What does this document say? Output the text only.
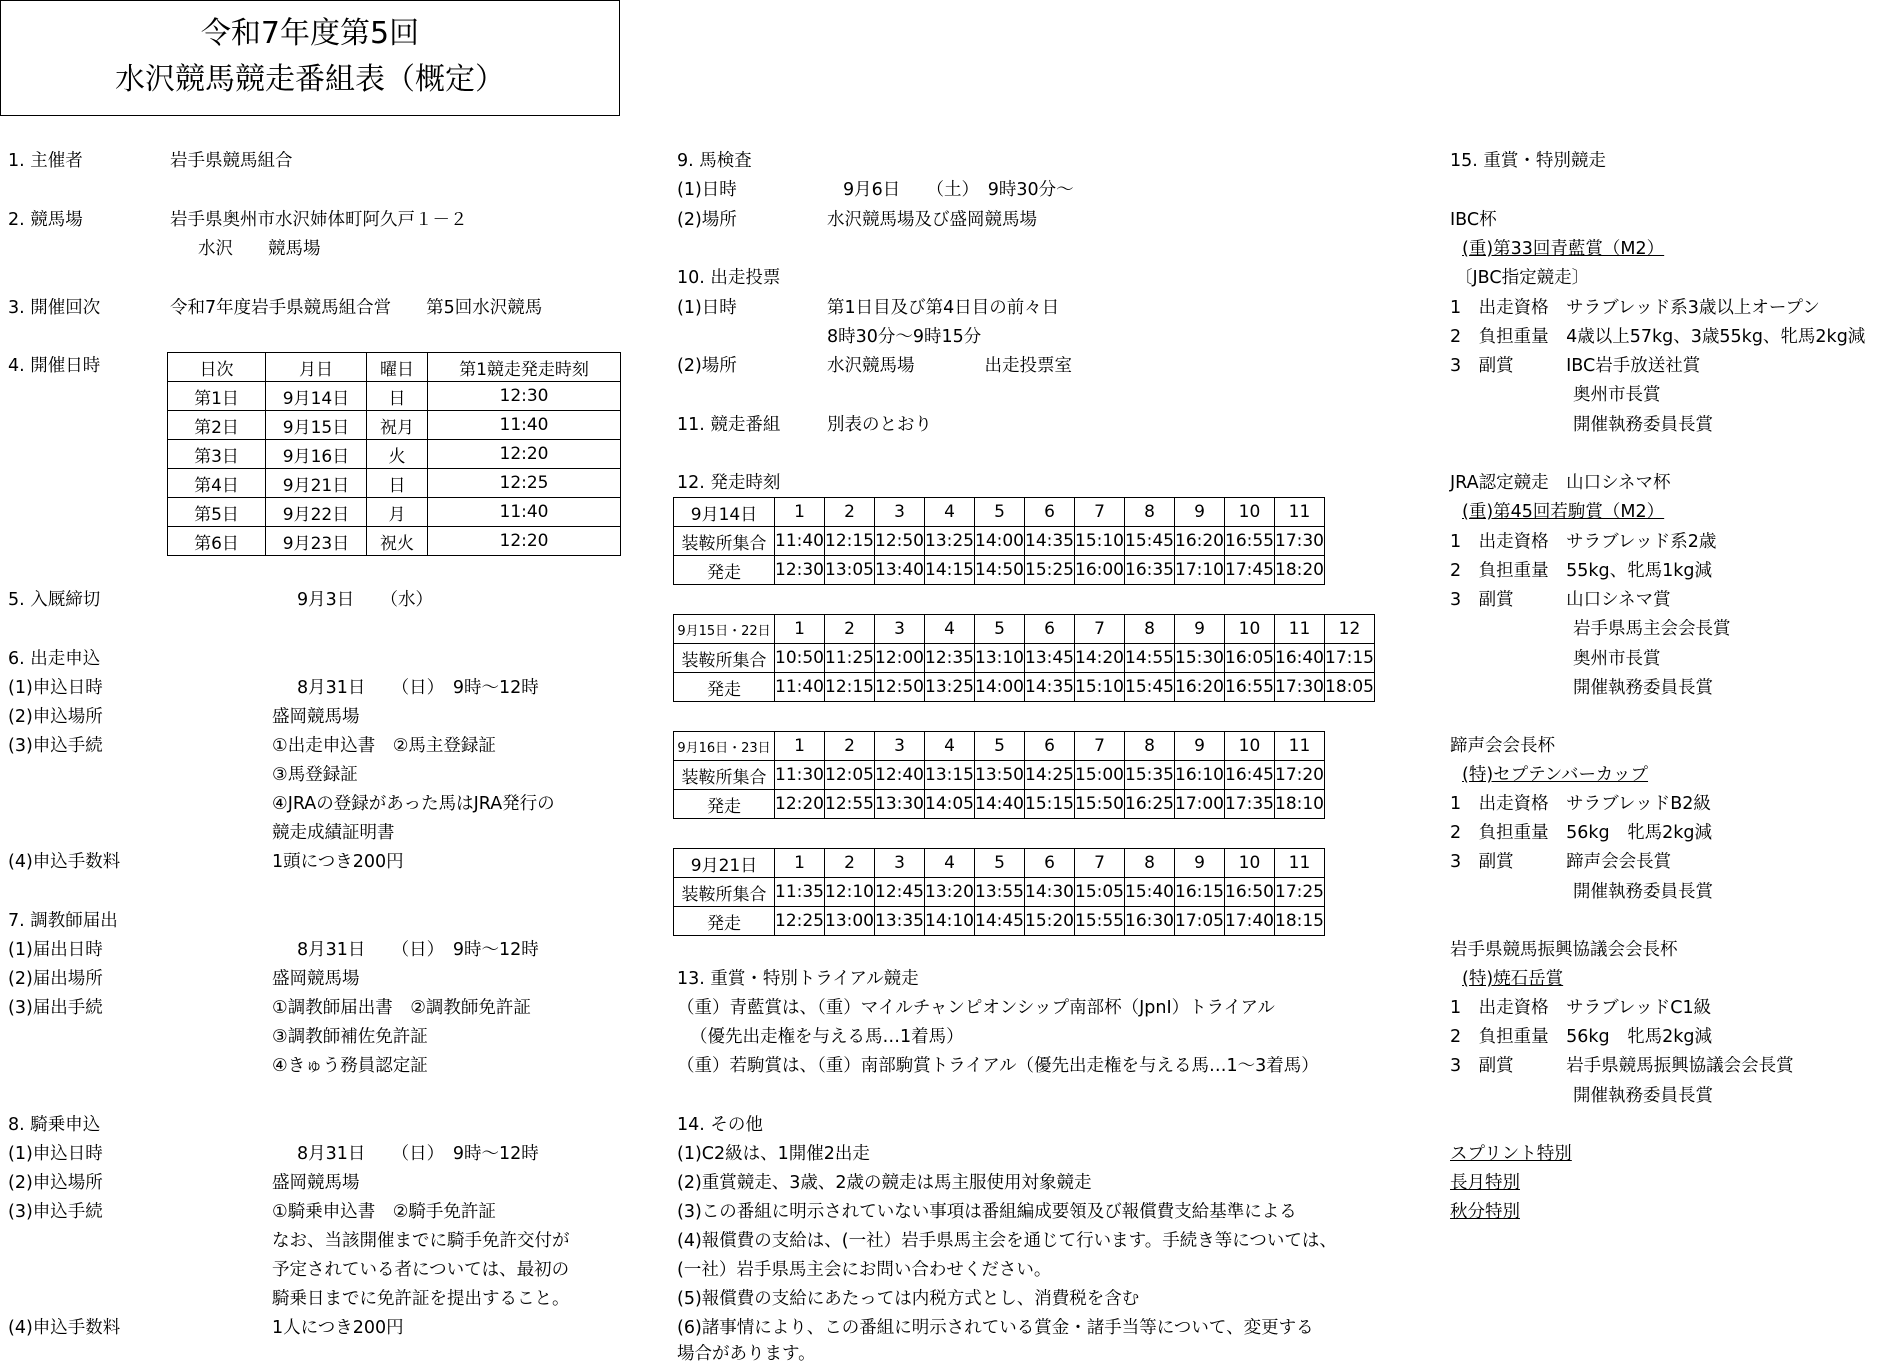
令和7年度第5回
水沢競馬競走番組表（概定）
1. 主催者	岩手県競馬組合
2. 競馬場	岩手県奥州市水沢姉体町阿久戸１－２
水沢　　競馬場
3. 開催回次	令和7年度岩手県競馬組合営　　第5回水沢競馬
4. 開催日時	日次	月日	曜日	第1競走発走時刻
第1日	9月14日	日	12:30
第2日	9月15日	祝月	11:40
第3日	9月16日	火	12:20
第4日	9月21日	日	12:25
第5日	9月22日	月	11:40
第6日	9月23日	祝火	12:20
5. 入厩締切	9月3日　　（水）
6. 出走申込
(1)申込日時	8月31日　　（日）　9時～12時
(2)申込場所	盛岡競馬場
(3)申込手続	①出走申込書　②馬主登録証
③馬登録証
④JRAの登録があった馬はJRA発行の
競走成績証明書
(4)申込手数料	1頭につき200円
7. 調教師届出
(1)届出日時	8月31日　　（日）　9時～12時
(2)届出場所	盛岡競馬場
(3)届出手続	①調教師届出書　②調教師免許証
③調教師補佐免許証
④きゅう務員認定証
8. 騎乗申込
(1)申込日時	8月31日　　（日）　9時～12時
(2)申込場所	盛岡競馬場
(3)申込手続	①騎乗申込書　②騎手免許証
なお、当該開催までに騎手免許交付が
予定されている者については、最初の
騎乗日までに免許証を提出すること。
(4)申込手数料	1人につき200円
9. 馬検査
(1)日時	9月6日　　（土）　9時30分～
(2)場所	水沢競馬場及び盛岡競馬場
10. 出走投票
(1)日時	第1日目及び第4日目の前々日
8時30分～9時15分
(2)場所	水沢競馬場　　　　出走投票室
11. 競走番組	別表のとおり
12. 発走時刻
9月14日	1	2	3	4	5	6	7	8	9	10	11
装鞍所集合	11:40	12:15	12:50	13:25	14:00	14:35	15:10	15:45	16:20	16:55	17:30
発走	12:30	13:05	13:40	14:15	14:50	15:25	16:00	16:35	17:10	17:45	18:20
9月15日・22日	1	2	3	4	5	6	7	8	9	10	11	12
装鞍所集合	10:50	11:25	12:00	12:35	13:10	13:45	14:20	14:55	15:30	16:05	16:40	17:15
発走	11:40	12:15	12:50	13:25	14:00	14:35	15:10	15:45	16:20	16:55	17:30	18:05
9月16日・23日	1	2	3	4	5	6	7	8	9	10	11
装鞍所集合	11:30	12:05	12:40	13:15	13:50	14:25	15:00	15:35	16:10	16:45	17:20
発走	12:20	12:55	13:30	14:05	14:40	15:15	15:50	16:25	17:00	17:35	18:10
9月21日	1	2	3	4	5	6	7	8	9	10	11
装鞍所集合	11:35	12:10	12:45	13:20	13:55	14:30	15:05	15:40	16:15	16:50	17:25
発走	12:25	13:00	13:35	14:10	14:45	15:20	15:55	16:30	17:05	17:40	18:15
13. 重賞・特別トライアル競走
（重）青藍賞は、（重）マイルチャンピオンシップ南部杯（JpnⅠ）トライアル
（優先出走権を与える馬…1着馬）
（重）若駒賞は、（重）南部駒賞トライアル（優先出走権を与える馬…1～3着馬）
14. その他
(1)C2級は、1開催2出走
(2)重賞競走、3歳、2歳の競走は馬主服使用対象競走
(3)この番組に明示されていない事項は番組編成要領及び報償費支給基準による
(4)報償費の支給は、(一社）岩手県馬主会を通じて行います。手続き等については、
(一社）岩手県馬主会にお問い合わせください。
(5)報償費の支給にあたっては内税方式とし、消費税を含む
(6)諸事情により、この番組に明示されている賞金・諸手当等について、変更する
場合があります。
15. 重賞・特別競走
IBC杯
(重)第33回青藍賞（M2）
〔JBC指定競走〕
1　出走資格　サラブレッド系3歳以上オープン
2　負担重量　4歳以上57kg、3歳55kg、牝馬2kg減
3　副賞　　　IBC岩手放送社賞
奥州市長賞
開催執務委員長賞
JRA認定競走　山口シネマ杯
(重)第45回若駒賞（M2）
1　出走資格　サラブレッド系2歳
2　負担重量　55kg、牝馬1kg減
3　副賞　　　山口シネマ賞
岩手県馬主会会長賞
奥州市長賞
開催執務委員長賞
蹄声会会長杯
(特)セプテンバーカップ
1　出走資格　サラブレッドB2級
2　負担重量　56kg　牝馬2kg減
3　副賞　　　蹄声会会長賞
開催執務委員長賞
岩手県競馬振興協議会会長杯
(特)焼石岳賞
1　出走資格　サラブレッドC1級
2　負担重量　56kg　牝馬2kg減
3　副賞　　　岩手県競馬振興協議会会長賞
開催執務委員長賞
スプリント特別
長月特別
秋分特別
